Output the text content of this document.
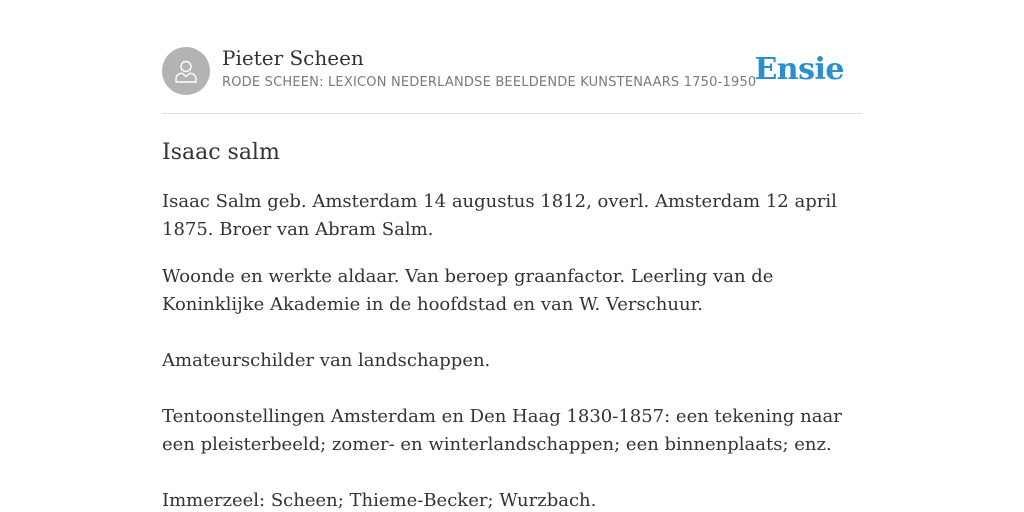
Pieter Scheen
RODE SCHEEN: LEXICON NEDERLANDSE BEELDENDE KUNSTENAARS 1750-1950
Ensie
Isaac salm

Isaac Salm geb. Amsterdam 14 augustus 1812, overl. Amsterdam 12 april 1875. Broer van Abram Salm.

Woonde en werkte aldaar. Van beroep graanfactor. Leerling van de Koninklijke Akademie in de hoofdstad en van W. Verschuur.

Amateurschilder van landschappen.

Tentoonstellingen Amsterdam en Den Haag 1830-1857: een tekening naar een pleisterbeeld; zomer- en winterlandschappen; een binnenplaats; enz.

Immerzeel: Scheen; Thieme-Becker; Wurzbach.
